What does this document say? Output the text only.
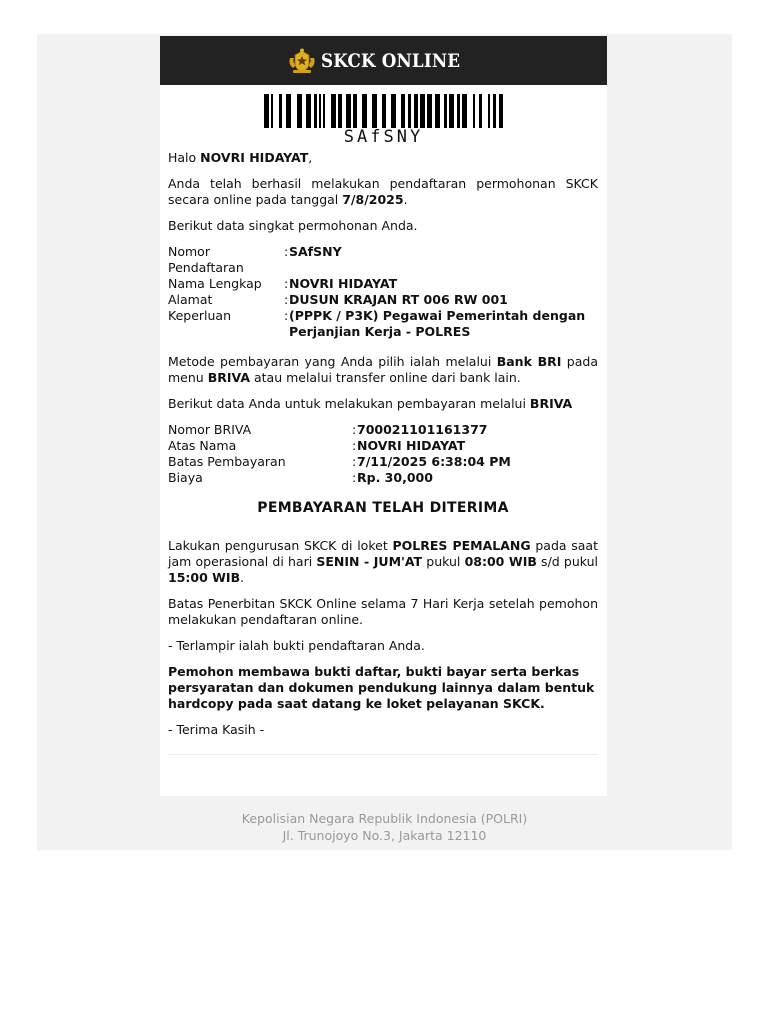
SKCK ONLINE
SAfSNY

Halo NOVRI HIDAYAT,

Anda telah berhasil melakukan pendaftaran permohonan SKCK secara online pada tanggal 7/8/2025.

Berikut data singkat permohonan Anda.

Nomor Pendaftaran
: SAfSNY
Nama Lengkap	: NOVRI HIDAYAT
Alamat	: DUSUN KRAJAN RT 006 RW 001
Keperluan	: (PPPK / P3K) Pegawai Pemerintah dengan Perjanjian Kerja - POLRES

Metode pembayaran yang Anda pilih ialah melalui Bank BRI pada menu BRIVA atau melalui transfer online dari bank lain.

Berikut data Anda untuk melakukan pembayaran melalui BRIVA

Nomor BRIVA	: 700021101161377
Atas Nama	: NOVRI HIDAYAT
Batas Pembayaran	: 7/11/2025 6:38:04 PM
Biaya	: Rp. 30,000
PEMBAYARAN TELAH DITERIMA

Lakukan pengurusan SKCK di loket POLRES PEMALANG pada saat jam operasional di hari SENIN - JUM'AT pukul 08:00 WIB s/d pukul 15:00 WIB.

Batas Penerbitan SKCK Online selama 7 Hari Kerja setelah pemohon melakukan pendaftaran online.

- Terlampir ialah bukti pendaftaran Anda.

Pemohon membawa bukti daftar, bukti bayar serta berkas persyaratan dan dokumen pendukung lainnya dalam bentuk hardcopy pada saat datang ke loket pelayanan SKCK.

- Terima Kasih -

Kepolisian Negara Republik Indonesia (POLRI)
Jl. Trunojoyo No.3, Jakarta 12110
